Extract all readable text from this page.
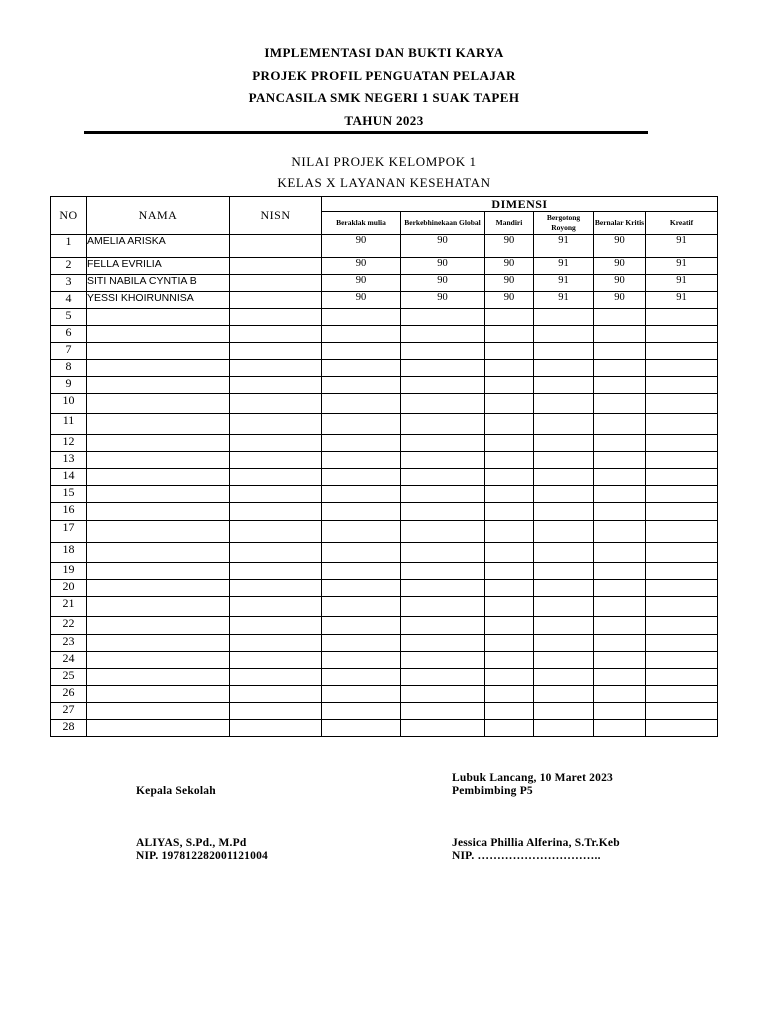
IMPLEMENTASI DAN BUKTI KARYA
PROJEK PROFIL PENGUATAN PELAJAR
PANCASILA SMK NEGERI 1 SUAK TAPEH
TAHUN 2023
NILAI PROJEK KELOMPOK 1
KELAS X LAYANAN KESEHATAN
NO	NAMA	NISN	DIMENSI					
			Beraklak mulia	Berkebhinekaan Global	Mandiri	Bergotong Royong	Bernalar Kritis	Kreatif
1	AMELIA ARISKA		90	90	90	91	90	91
2	FELLA EVRILIA		90	90	90	91	90	91
3	SITI NABILA CYNTIA B		90	90	90	91	90	91
4	YESSI KHOIRUNNISA		90	90	90	91	90	91
5								
6								
7								
8								
9								
10								
11								
12								
13								
14								
15								
16								
17								
18								
19								
20								
21								
22								
23								
24								
25								
26								
27								
28								
Lubuk Lancang, 10 Maret 2023
Kepala Sekolah	Pembimbing P5
ALIYAS, S.Pd., M.Pd
NIP. 197812282001121004
Jessica Phillia Alferina, S.Tr.Keb
NIP. …………………………..
